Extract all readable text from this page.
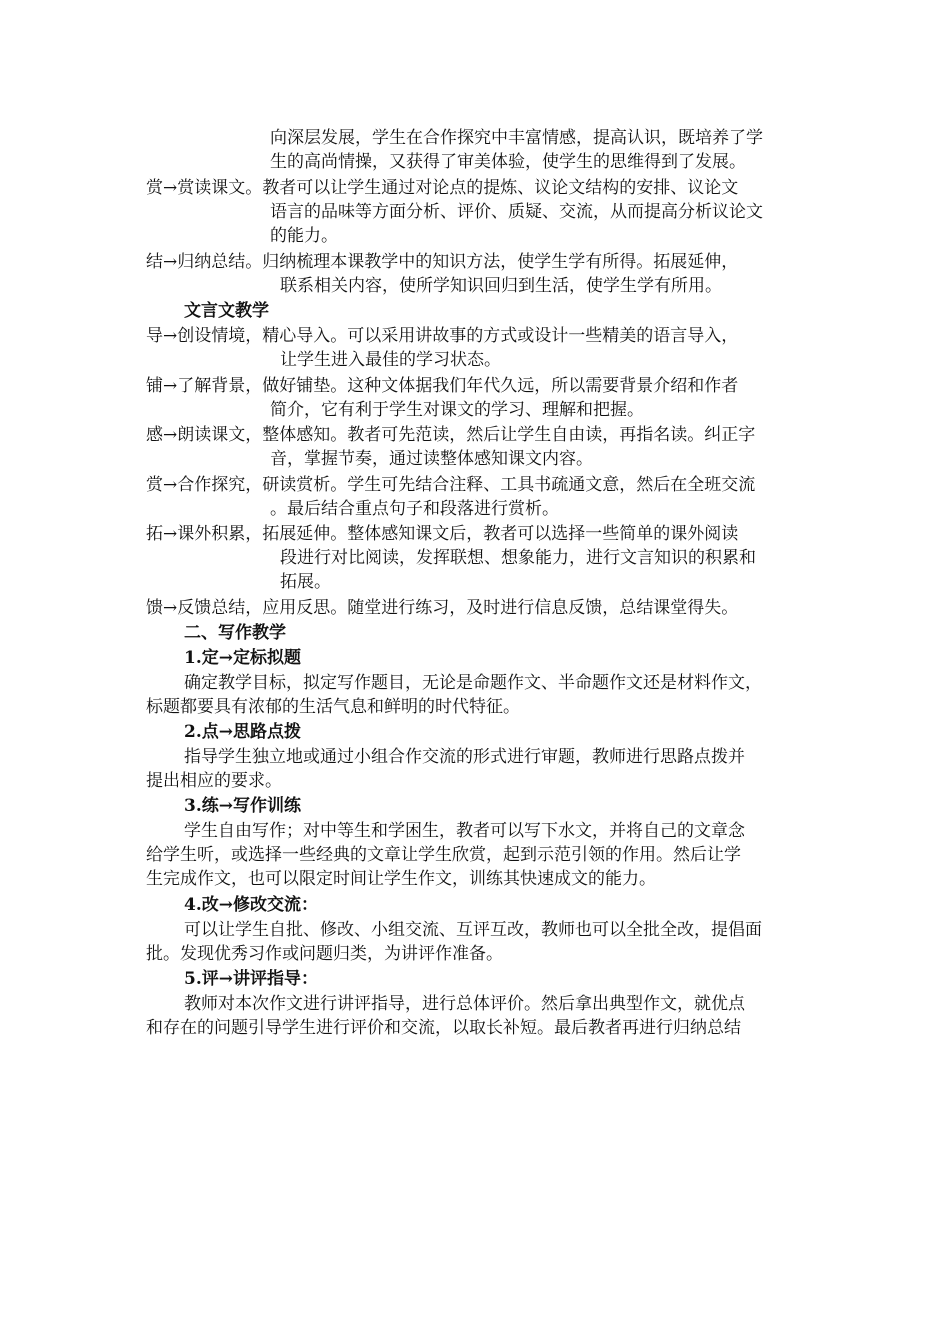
向深层发展，学生在合作探究中丰富情感，提高认识，既培养了学
生的高尚情操，又获得了审美体验，使学生的思维得到了发展。
赏→赏读课文。教者可以让学生通过对论点的提炼、议论文结构的安排、议论文
语言的品味等方面分析、评价、质疑、交流，从而提高分析议论文
的能力。
结→归纳总结。归纳梳理本课教学中的知识方法，使学生学有所得。拓展延伸，
联系相关内容，使所学知识回归到生活，使学生学有所用。
文言文教学
导→创设情境，精心导入。可以采用讲故事的方式或设计一些精美的语言导入，
让学生进入最佳的学习状态。
铺→了解背景，做好铺垫。这种文体据我们年代久远，所以需要背景介绍和作者
简介，它有利于学生对课文的学习、理解和把握。
感→朗读课文，整体感知。教者可先范读，然后让学生自由读，再指名读。纠正字
音，掌握节奏，通过读整体感知课文内容。
赏→合作探究，研读赏析。学生可先结合注释、工具书疏通文意，然后在全班交流
。最后结合重点句子和段落进行赏析。
拓→课外积累，拓展延伸。整体感知课文后，教者可以选择一些简单的课外阅读
段进行对比阅读，发挥联想、想象能力，进行文言知识的积累和
拓展。
馈→反馈总结，应用反思。随堂进行练习，及时进行信息反馈，总结课堂得失。
二、写作教学
1.定→定标拟题
确定教学目标，拟定写作题目，无论是命题作文、半命题作文还是材料作文，
标题都要具有浓郁的生活气息和鲜明的时代特征。
2.点→思路点拨
指导学生独立地或通过小组合作交流的形式进行审题，教师进行思路点拨并
提出相应的要求。
3.练→写作训练
学生自由写作；对中等生和学困生，教者可以写下水文，并将自己的文章念
给学生听，或选择一些经典的文章让学生欣赏，起到示范引领的作用。然后让学
生完成作文，也可以限定时间让学生作文，训练其快速成文的能力。
4.改→修改交流：
可以让学生自批、修改、小组交流、互评互改，教师也可以全批全改，提倡面
批。发现优秀习作或问题归类，为讲评作准备。
5.评→讲评指导：
教师对本次作文进行讲评指导，进行总体评价。然后拿出典型作文，就优点
和存在的问题引导学生进行评价和交流，以取长补短。最后教者再进行归纳总结
